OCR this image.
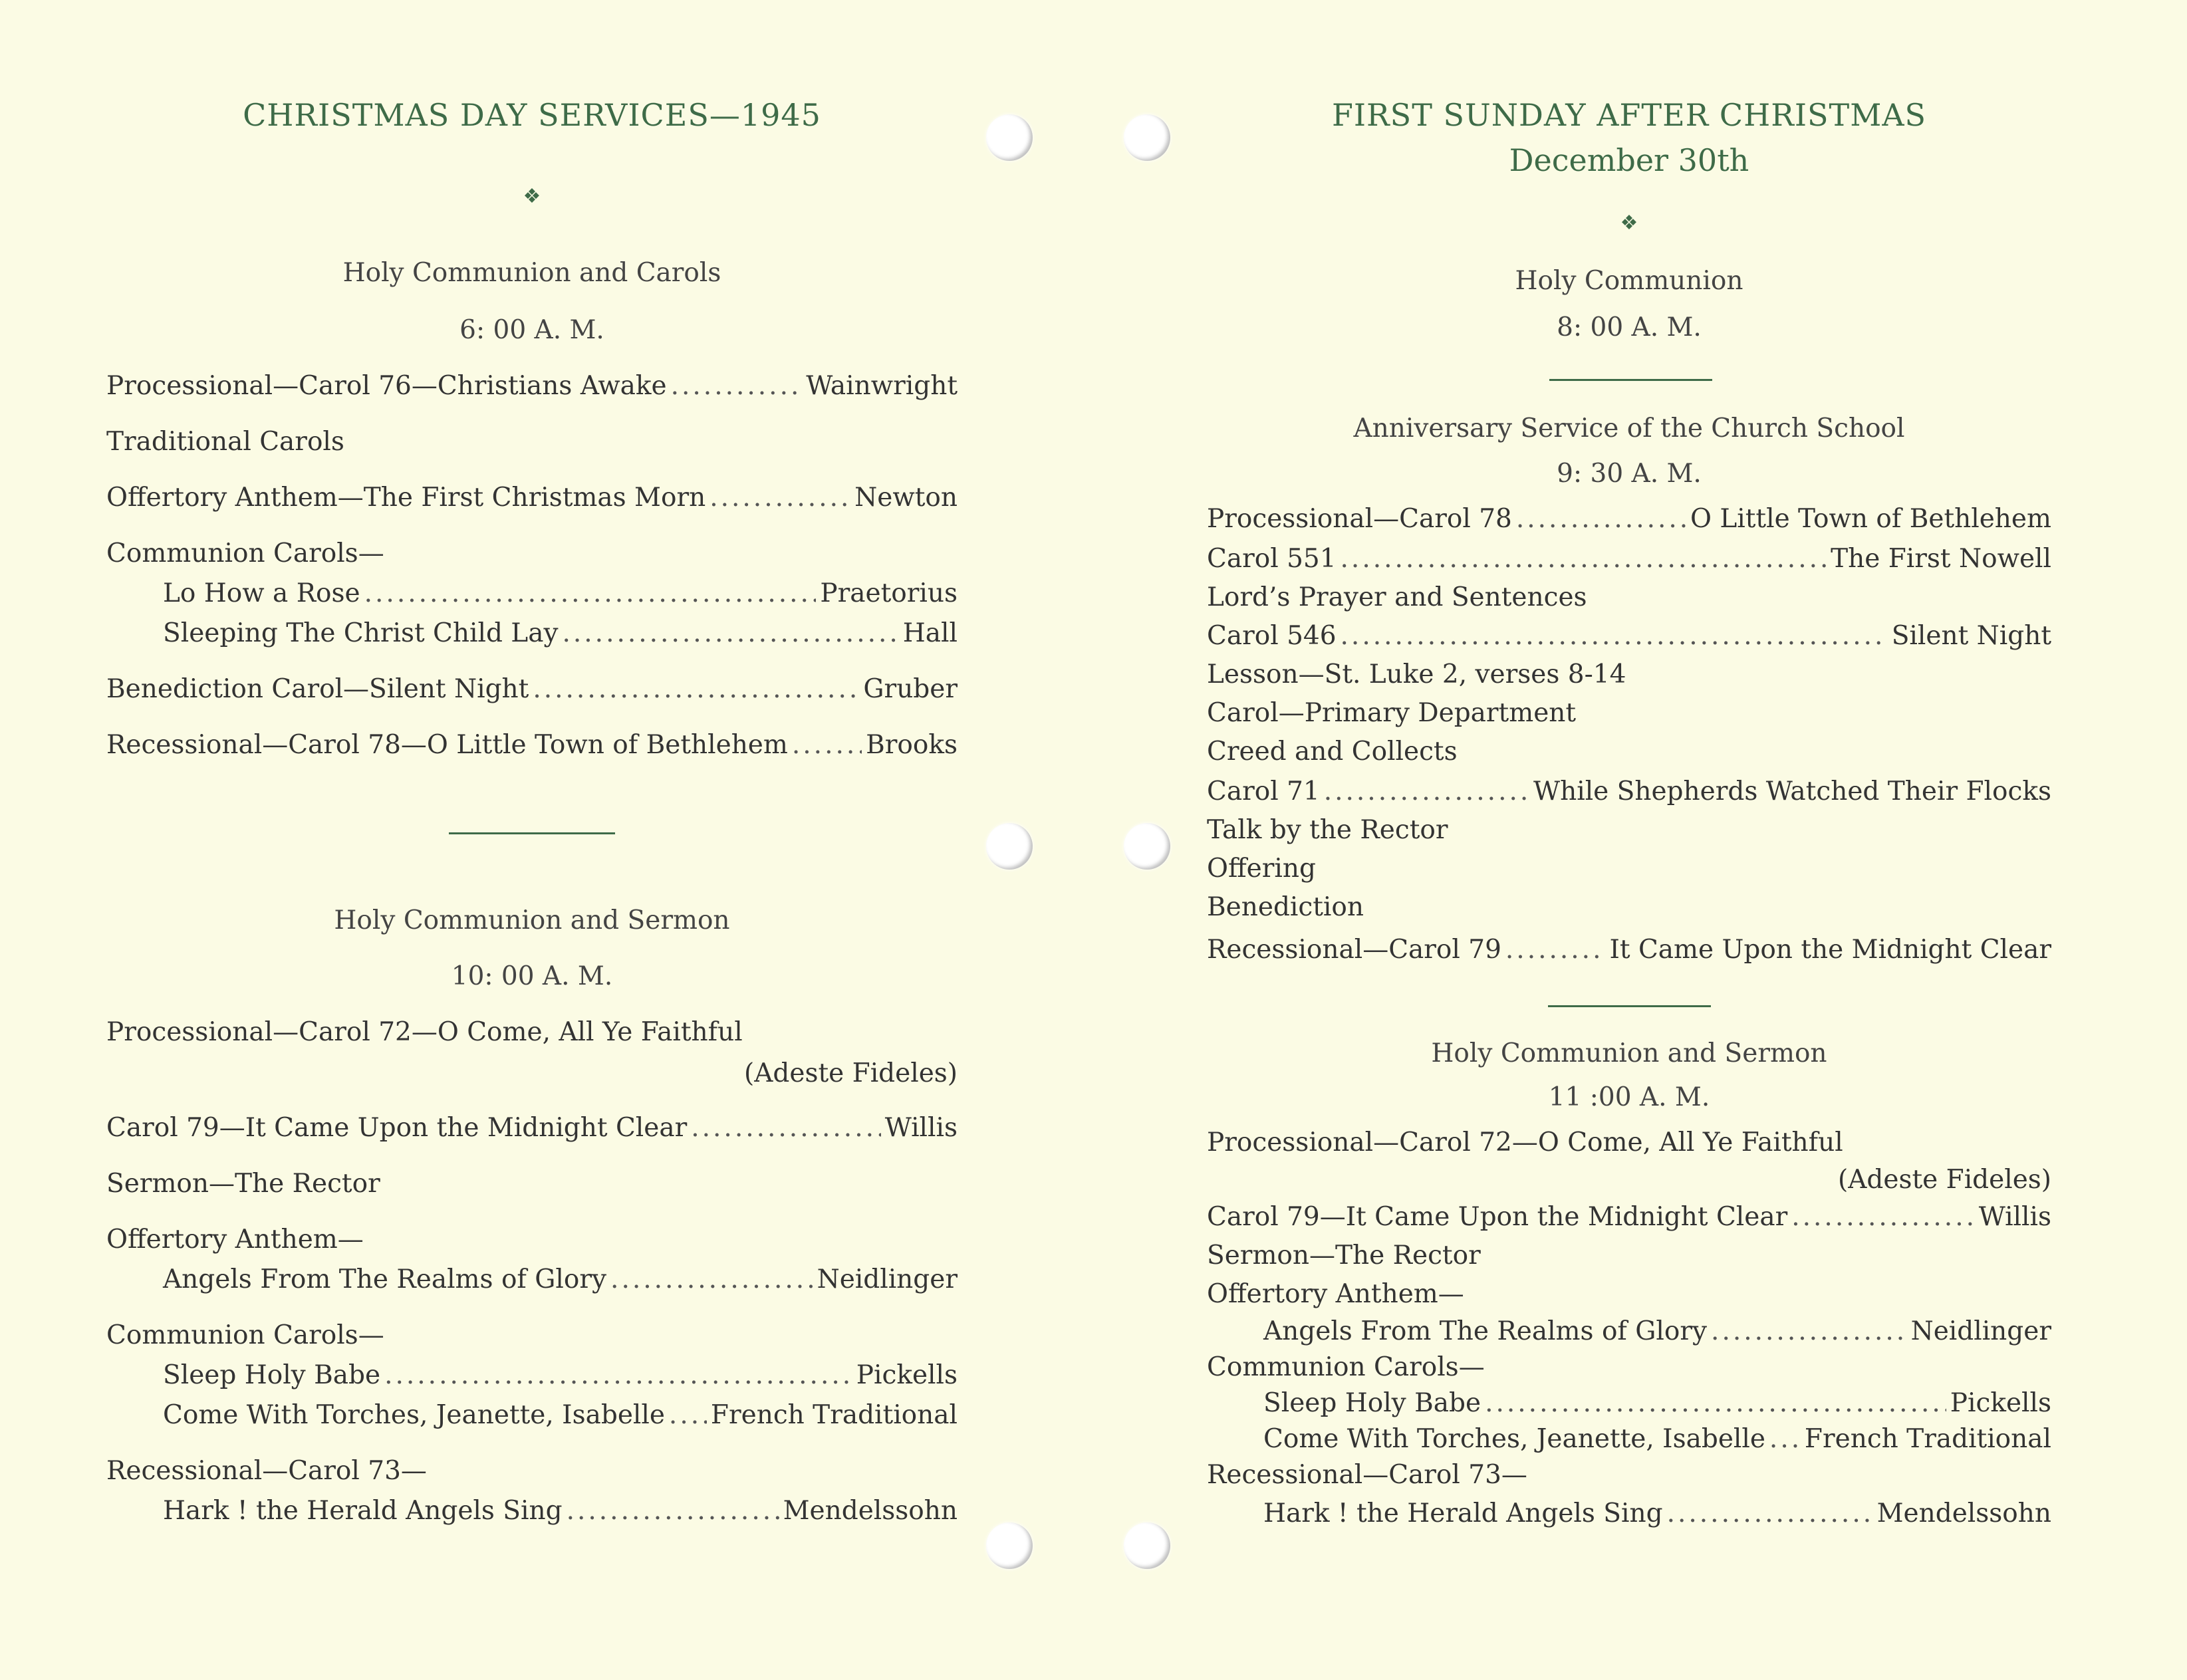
CHRISTMAS DAY SERVICES—1945
❖
Holy Communion and Carols
6: 00 A. M.
Processional—Carol 76—Christians Awake .....	Wainwright
Traditional Carols
Offertory Anthem—The First Christmas Morn .....	Newton
Communion Carols—
Lo How a Rose .....	Praetorius
Sleeping The Christ Child Lay .....	Hall
Benediction Carol—Silent Night .....	Gruber
Recessional—Carol 78—O Little Town of Bethlehem .....	Brooks
Holy Communion and Sermon
10: 00 A. M.
Processional—Carol 72—O Come, All Ye Faithful
(Adeste Fideles)
Carol 79—It Came Upon the Midnight Clear .....	Willis
Sermon—The Rector
Offertory Anthem—
Angels From The Realms of Glory .....	Neidlinger
Communion Carols—
Sleep Holy Babe .....	Pickells
Come With Torches, Jeanette, Isabelle ..... French Traditional
Recessional—Carol 73—
Hark ! the Herald Angels Sing .....	Mendelssohn
FIRST SUNDAY AFTER CHRISTMAS
December 30th
❖
Holy Communion
8: 00 A. M.
Anniversary Service of the Church School
9: 30 A. M.
Processional—Carol 78 .....	O Little Town of Bethlehem
Carol 551 .....	The First Nowell
Lord’s Prayer and Sentences
Carol 546 .....	Silent Night
Lesson—St. Luke 2, verses 8-14
Carol—Primary Department
Creed and Collects
Carol 71 .....	While Shepherds Watched Their Flocks
Talk by the Rector
Offering
Benediction
Recessional—Carol 79 .....	It Came Upon the Midnight Clear
Holy Communion and Sermon
11 :00 A. M.
Processional—Carol 72—O Come, All Ye Faithful
(Adeste Fideles)
Carol 79—It Came Upon the Midnight Clear .....	Willis
Sermon—The Rector
Offertory Anthem—
Angels From The Realms of Glory .....	Neidlinger
Communion Carols—
Sleep Holy Babe .....	Pickells
Come With Torches, Jeanette, Isabelle ..... French Traditional
Recessional—Carol 73—
Hark ! the Herald Angels Sing .....	Mendelssohn
